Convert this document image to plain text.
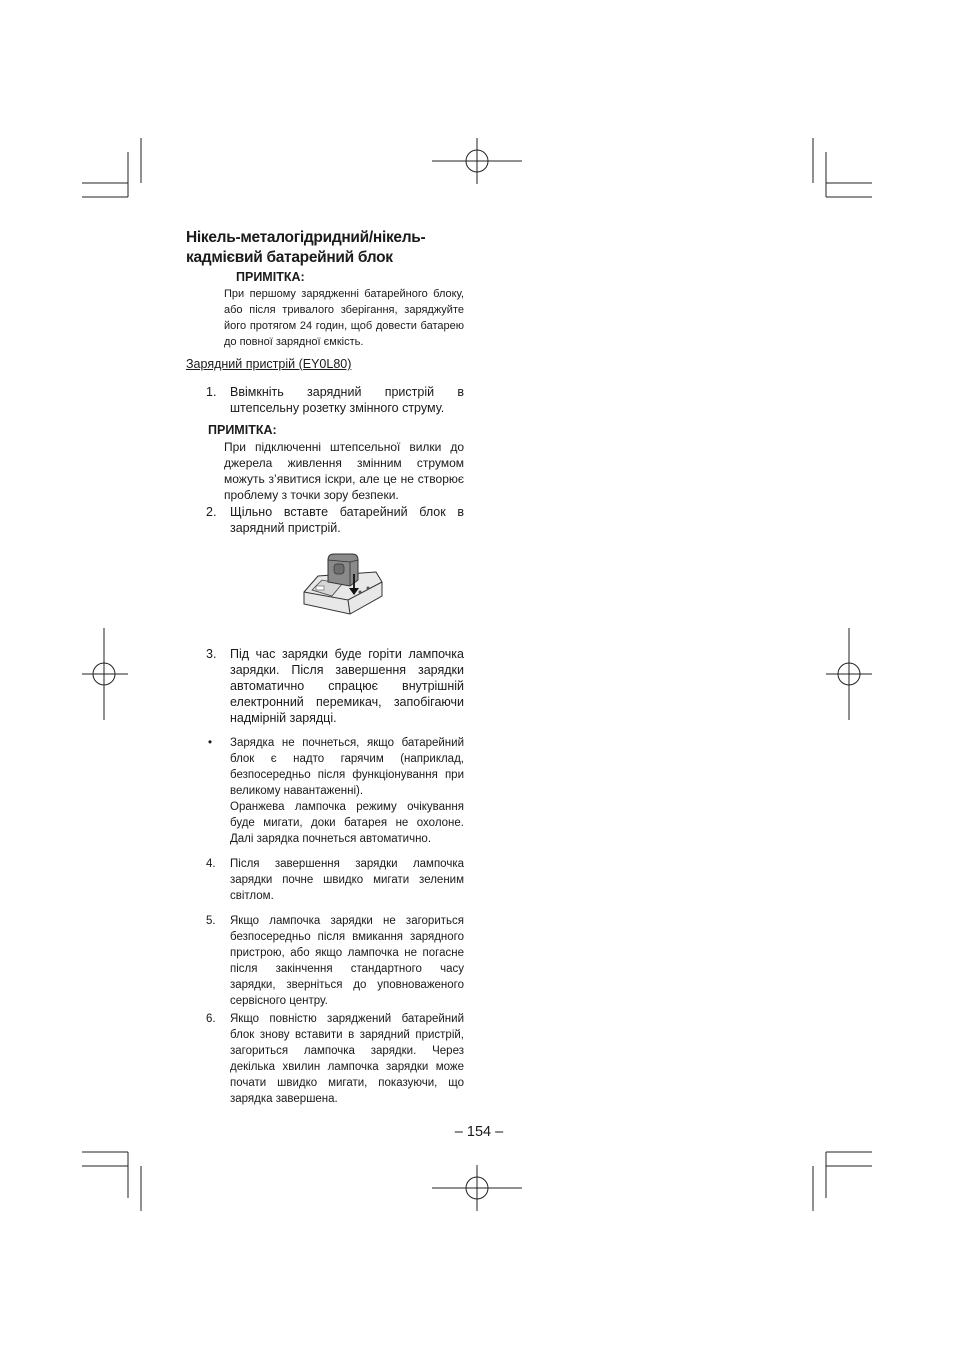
Нікель-металогідридний/нікель-кадмієвий батарейний блок
ПРИМІТКА:
При першому зарядженні батарейного блоку, або після тривалого зберігання, заряджуйте його протягом 24 годин, щоб довести батарею до повної зарядної ємкість.
Зарядний пристрій (EY0L80)
1. Ввімкніть зарядний пристрій в штепсельну розетку змінного струму.
ПРИМІТКА:
При підключенні штепсельної вилки до джерела живлення змінним струмом можуть з’явитися іскри, але це не створює проблему з точки зору безпеки.
2. Щільно вставте батарейний блок в зарядний пристрій.
3. Під час зарядки буде горіти лампочка зарядки. Після завершення зарядки автоматично спрацює внутрішній електронний перемикач, запобігаючи надмірній зарядці.
• Зарядка не почнеться, якщо батарейний блок є надто гарячим (наприклад, безпосередньо після функціонування при великому навантаженні).
Оранжева лампочка режиму очікування буде мигати, доки батарея не охолоне. Далі зарядка почнеться автоматично.
4. Після завершення зарядки лампочка зарядки почне швидко мигати зеленим світлом.
5. Якщо лампочка зарядки не загориться безпосередньо після вмикання зарядного пристрою, або якщо лампочка не погасне після закінчення стандартного часу зарядки, зверніться до уповноваженого сервісного центру.
6. Якщо повністю заряджений батарейний блок знову вставити в зарядний пристрій, загориться лампочка зарядки. Через декілька хвилин лампочка зарядки може почати швидко мигати, показуючи, що зарядка завершена.
– 154 –
